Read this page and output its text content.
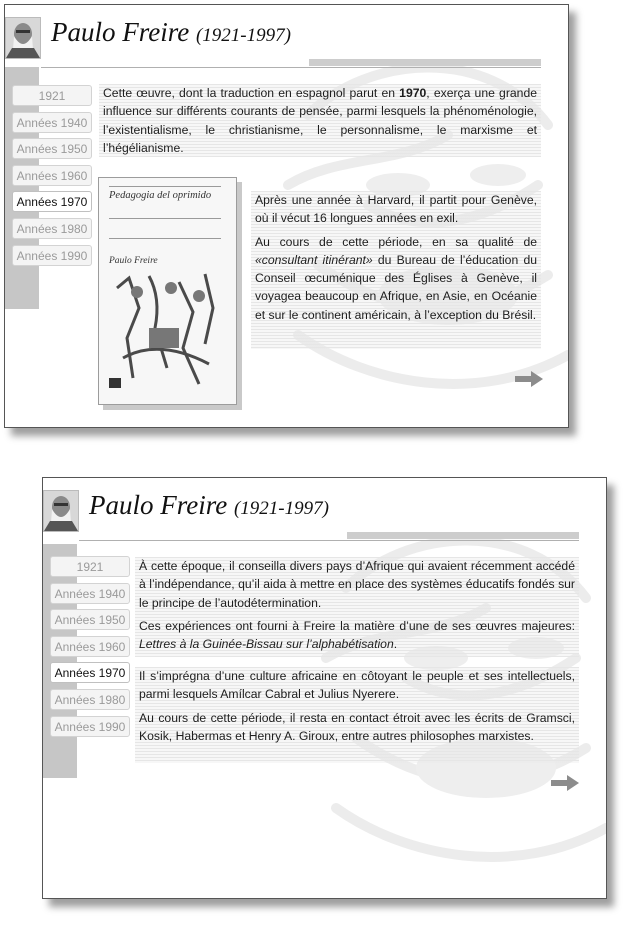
Paulo Freire (1921-1997)
1921
Années 1940
Années 1950
Années 1960
Années 1970
Années 1980
Années 1990

Cette œuvre, dont la traduction en espagnol parut en 1970, exerça une grande influence sur différents courants de pensée, parmi lesquels la phénoménologie, l’existentialisme, le christianisme, le personnalisme, le marxisme et l’hégélianisme.

Pedagogia del oprimido
Paulo Freire

Après une année à Harvard, il partit pour Genève, où il vécut 16 longues années en exil.

Au cours de cette période, en sa qualité de «consultant itinérant» du Bureau de l’éducation du Conseil œcuménique des Églises à Genève, il voyagea beaucoup en Afrique, en Asie, en Océanie et sur le continent américain, à l’exception du Brésil.

Paulo Freire (1921-1997)
1921
Années 1940
Années 1950
Années 1960
Années 1970
Années 1980
Années 1990

À cette époque, il conseilla divers pays d’Afrique qui avaient récemment accédé à l’indépendance, qu’il aida à mettre en place des systèmes éducatifs fondés sur le principe de l’autodétermination.

Ces expériences ont fourni à Freire la matière d’une de ses œuvres majeures: Lettres à la Guinée-Bissau sur l’alphabétisation.

Il s’imprégna d’une culture africaine en côtoyant le peuple et ses intellectuels, parmi lesquels Amílcar Cabral et Julius Nyerere.

Au cours de cette période, il resta en contact étroit avec les écrits de Gramsci, Kosik, Habermas et Henry A. Giroux, entre autres philosophes marxistes.
